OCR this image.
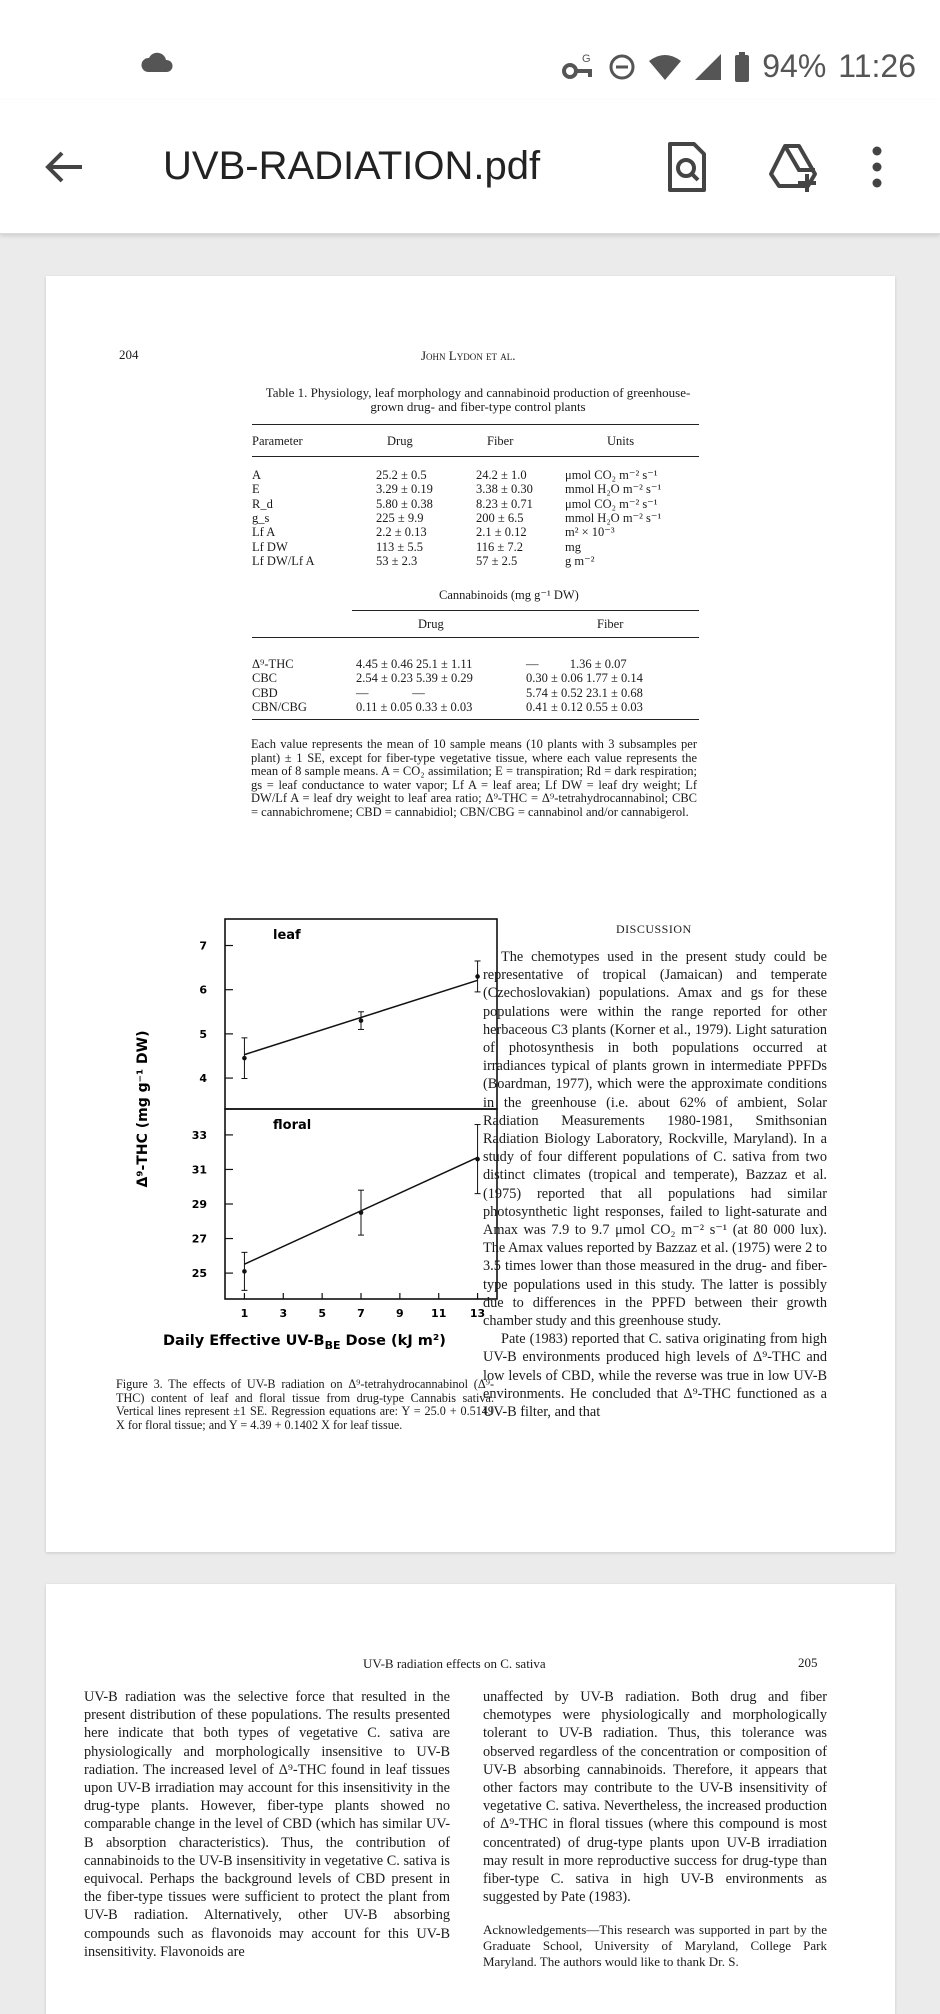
G	94% 11:26
UVB-RADIATION.pdf
204	John Lydon et al.
Table 1. Physiology, leaf morphology and cannabinoid production of greenhouse-grown drug- and fiber-type control plants
Parameter	Drug	Fiber	Units
A	25.2 ± 0.5	24.2 ± 1.0	μmol CO₂ m⁻² s⁻¹
E	3.29 ± 0.19	3.38 ± 0.30	mmol H₂O m⁻² s⁻¹
R_d	5.80 ± 0.38	8.23 ± 0.71	μmol CO₂ m⁻² s⁻¹
g_s	225 ± 9.9	200 ± 6.5	mmol H₂O m⁻² s⁻¹
Lf A	2.2 ± 0.13	2.1 ± 0.12	m² × 10⁻³
Lf DW	113 ± 5.5	116 ± 7.2	mg
Lf DW/Lf A	53 ± 2.3	57 ± 2.5	g m⁻²
Cannabinoids (mg g⁻¹ DW)
Drug	Fiber
Δ⁹-THC	4.45 ± 0.46 25.1 ± 1.11	—          1.36 ± 0.07
CBC	2.54 ± 0.23 5.39 ± 0.29	0.30 ± 0.06 1.77 ± 0.14
CBD	—              —	5.74 ± 0.52 23.1 ± 0.68
CBN/CBG	0.11 ± 0.05 0.33 ± 0.03	0.41 ± 0.12 0.55 ± 0.03
Each value represents the mean of 10 sample means (10 plants with 3 subsamples per plant) ± 1 SE, except for fiber-type vegetative tissue, where each value represents the mean of 8 sample means. A = CO₂ assimilation; E = transpiration; Rd = dark respiration; gs = leaf conductance to water vapor; Lf A = leaf area; Lf DW = leaf dry weight; Lf DW/Lf A = leaf dry weight to leaf area ratio; Δ⁹-THC = Δ⁹-tetrahydrocannabinol; CBC = cannabichromene; CBD = cannabidiol; CBN/CBG = cannabinol and/or cannabigerol.
leaf
4
5
6
7
floral
25
27
29
31
33
1	3	5	7	9 11 13
Δ⁹-THC (mg g⁻¹ DW)
Daily Effective $UV-B_{BE}$ Dose (kJ m²)
Figure 3. The effects of UV-B radiation on Δ⁹-tetrahydrocannabinol (Δ⁹-THC) content of leaf and floral tissue from drug-type Cannabis sativa. Vertical lines represent ±1 SE. Regression equations are: Y = 25.0 + 0.5149 X for floral tissue; and Y = 4.39 + 0.1402 X for leaf tissue.
DISCUSSION

The chemotypes used in the present study could be representative of tropical (Jamaican) and temperate (Czechoslovakian) populations. Amax and gs for these populations were within the range reported for other herbaceous C3 plants (Korner et al., 1979). Light saturation of photosynthesis in both populations occurred at irradiances typical of plants grown in intermediate PPFDs (Boardman, 1977), which were the approximate conditions in the greenhouse (i.e. about 62% of ambient, Solar Radiation Measurements 1980-1981, Smithsonian Radiation Biology Laboratory, Rockville, Maryland). In a study of four different populations of C. sativa from two distinct climates (tropical and temperate), Bazzaz et al. (1975) reported that all populations had similar photosynthetic light responses, failed to light-saturate and Amax was 7.9 to 9.7 μmol CO₂ m⁻² s⁻¹ (at 80 000 lux). The Amax values reported by Bazzaz et al. (1975) were 2 to 3.5 times lower than those measured in the drug- and fiber-type populations used in this study. The latter is possibly due to differences in the PPFD between their growth chamber study and this greenhouse study.

Pate (1983) reported that C. sativa originating from high UV-B environments produced high levels of Δ⁹-THC and low levels of CBD, while the reverse was true in low UV-B environments. He concluded that Δ⁹-THC functioned as a UV-B filter, and that

UV-B radiation effects on C. sativa	205
UV-B radiation was the selective force that resulted in the present distribution of these populations. The results presented here indicate that both types of vegetative C. sativa are physiologically and morphologically insensitive to UV-B radiation. The increased level of Δ⁹-THC found in leaf tissues upon UV-B irradiation may account for this insensitivity in the drug-type plants. However, fiber-type plants showed no comparable change in the level of CBD (which has similar UV-B absorption characteristics). Thus, the contribution of cannabinoids to the UV-B insensitivity in vegetative C. sativa is equivocal. Perhaps the background levels of CBD present in the fiber-type tissues were sufficient to protect the plant from UV-B radiation. Alternatively, other UV-B absorbing compounds such as flavonoids may account for this UV-B insensitivity. Flavonoids are

unaffected by UV-B radiation. Both drug and fiber chemotypes were physiologically and morphologically tolerant to UV-B radiation. Thus, this tolerance was observed regardless of the concentration or composition of UV-B absorbing cannabinoids. Therefore, it appears that other factors may contribute to the UV-B insensitivity of vegetative C. sativa. Nevertheless, the increased production of Δ⁹-THC in floral tissues (where this compound is most concentrated) of drug-type plants upon UV-B irradiation may result in more reproductive success for drug-type than fiber-type C. sativa in high UV-B environments as suggested by Pate (1983).

Acknowledgements—This research was supported in part by the Graduate School, University of Maryland, College Park Maryland. The authors would like to thank Dr. S.
